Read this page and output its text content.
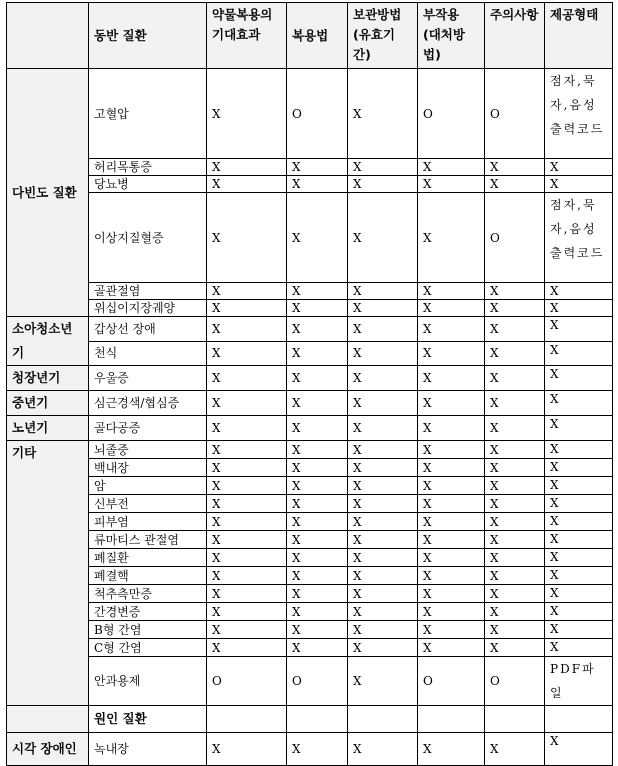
	동반 질환	약물복용의 기대효과	복용법	보관방법 (유효기간)	부작용 (대처방법)	주의사항	제공형태
다빈도 질환	고혈압	X	O	X	O	O	점자,묵자,음성출력코드
	허리목통증	X	X	X	X	X	X
	당뇨병	X	X	X	X	X	X
	이상지질혈증	X	X	X	X	O	점자,묵자,음성출력코드
	골관절염	X	X	X	X	X	X
	위십이지장궤양	X	X	X	X	X	X
소아청소년기	갑상선 장애	X	X	X	X	X	X
	천식	X	X	X	X	X	X
청장년기	우울증	X	X	X	X	X	X
중년기	심근경색/협심증	X	X	X	X	X	X
노년기	골다공증	X	X	X	X	X	X
기타	뇌졸중	X	X	X	X	X	X
	백내장	X	X	X	X	X	X
	암	X	X	X	X	X	X
	신부전	X	X	X	X	X	X
	피부염	X	X	X	X	X	X
	류마티스 관절염	X	X	X	X	X	X
	폐질환	X	X	X	X	X	X
	폐결핵	X	X	X	X	X	X
	척추측만증	X	X	X	X	X	X
	간경변증	X	X	X	X	X	X
	B형 간염	X	X	X	X	X	X
	C형 간염	X	X	X	X	X	X
	안과용제	O	O	X	O	O	PDF파일
	원인 질환						
시각 장애인	녹내장	X	X	X	X	X	X
